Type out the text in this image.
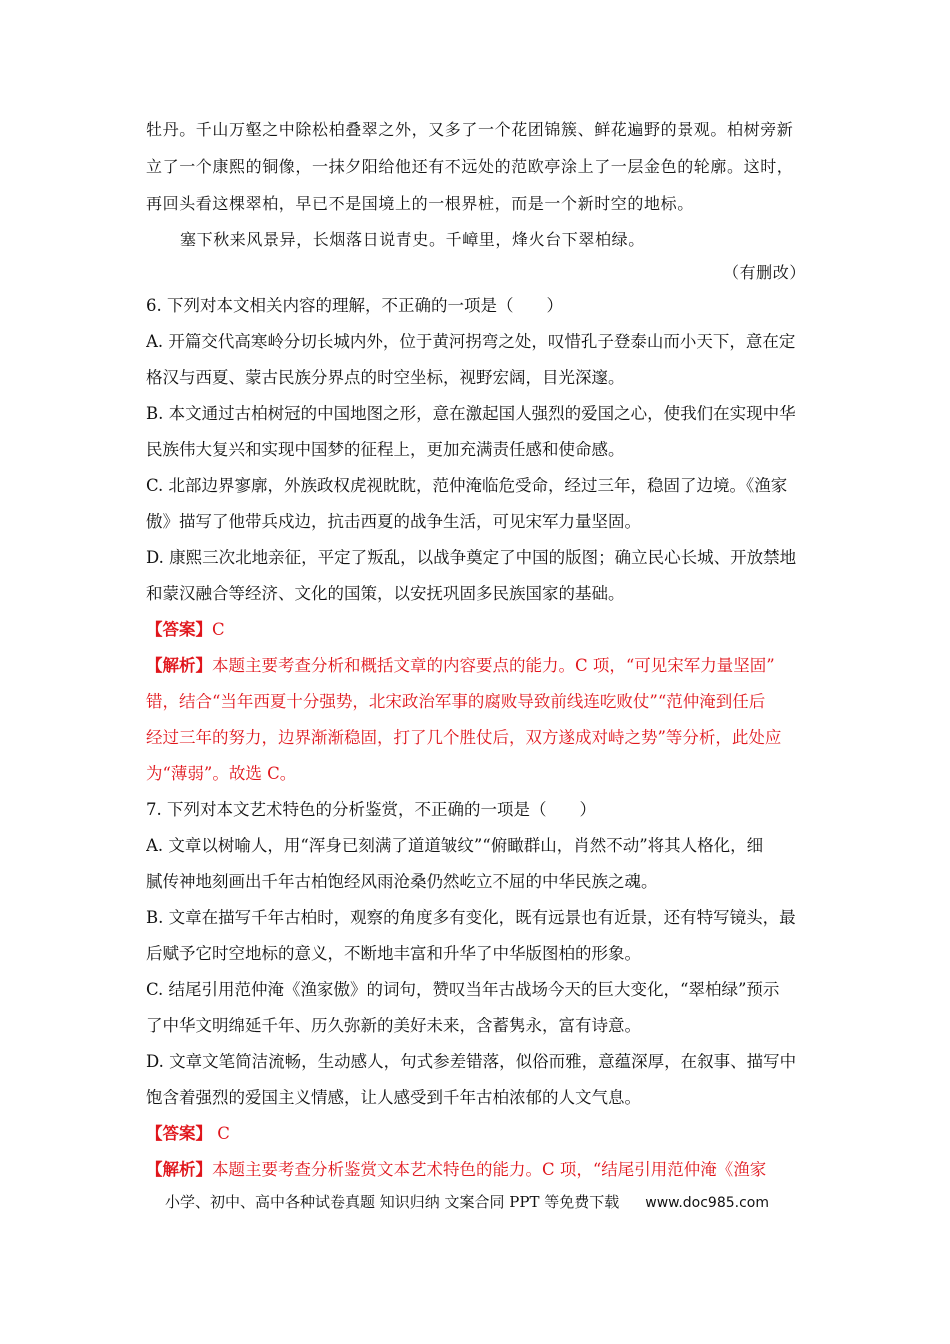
牡丹。千山万壑之中除松柏叠翠之外，又多了一个花团锦簇、鲜花遍野的景观。柏树旁新
立了一个康熙的铜像，一抹夕阳给他还有不远处的范欧亭涂上了一层金色的轮廓。这时，
再回头看这棵翠柏，早已不是国境上的一根界桩，而是一个新时空的地标。
塞下秋来风景异，长烟落日说青史。千嶂里，烽火台下翠柏绿。
（有删改）
6. 下列对本文相关内容的理解，不正确的一项是（　　）
A. 开篇交代高寒岭分切长城内外，位于黄河拐弯之处，叹惜孔子登泰山而小天下，意在定
格汉与西夏、蒙古民族分界点的时空坐标，视野宏阔，目光深邃。
B. 本文通过古柏树冠的中国地图之形，意在激起国人强烈的爱国之心，使我们在实现中华
民族伟大复兴和实现中国梦的征程上，更加充满责任感和使命感。
C. 北部边界寥廓，外族政权虎视眈眈，范仲淹临危受命，经过三年，稳固了边境。《渔家
傲》描写了他带兵戍边，抗击西夏的战争生活，可见宋军力量坚固。
D. 康熙三次北地亲征，平定了叛乱，以战争奠定了中国的版图；确立民心长城、开放禁地
和蒙汉融合等经济、文化的国策，以安抚巩固多民族国家的基础。
【答案】C
【解析】本题主要考查分析和概括文章的内容要点的能力。C 项，“可见宋军力量坚固”
错，结合“当年西夏十分强势，北宋政治军事的腐败导致前线连吃败仗”“范仲淹到任后
经过三年的努力，边界渐渐稳固，打了几个胜仗后，双方遂成对峙之势”等分析，此处应
为“薄弱”。故选 C。
7. 下列对本文艺术特色的分析鉴赏，不正确的一项是（　　）
A. 文章以树喻人，用“浑身已刻满了道道皱纹”“俯瞰群山，肖然不动”将其人格化，细
腻传神地刻画出千年古柏饱经风雨沧桑仍然屹立不屈的中华民族之魂。
B. 文章在描写千年古柏时，观察的角度多有变化，既有远景也有近景，还有特写镜头，最
后赋予它时空地标的意义，不断地丰富和升华了中华版图柏的形象。
C. 结尾引用范仲淹《渔家傲》的词句，赞叹当年古战场今天的巨大变化，“翠柏绿”预示
了中华文明绵延千年、历久弥新的美好未来，含蓄隽永，富有诗意。
D. 文章文笔简洁流畅，生动感人，句式参差错落，似俗而雅，意蕴深厚，在叙事、描写中
饱含着强烈的爱国主义情感，让人感受到千年古柏浓郁的人文气息。
【答案】 C
【解析】本题主要考查分析鉴赏文本艺术特色的能力。C 项，“结尾引用范仲淹《渔家
小学、初中、高中各种试卷真题 知识归纳 文案合同 PPT 等免费下载 www.doc985.com
